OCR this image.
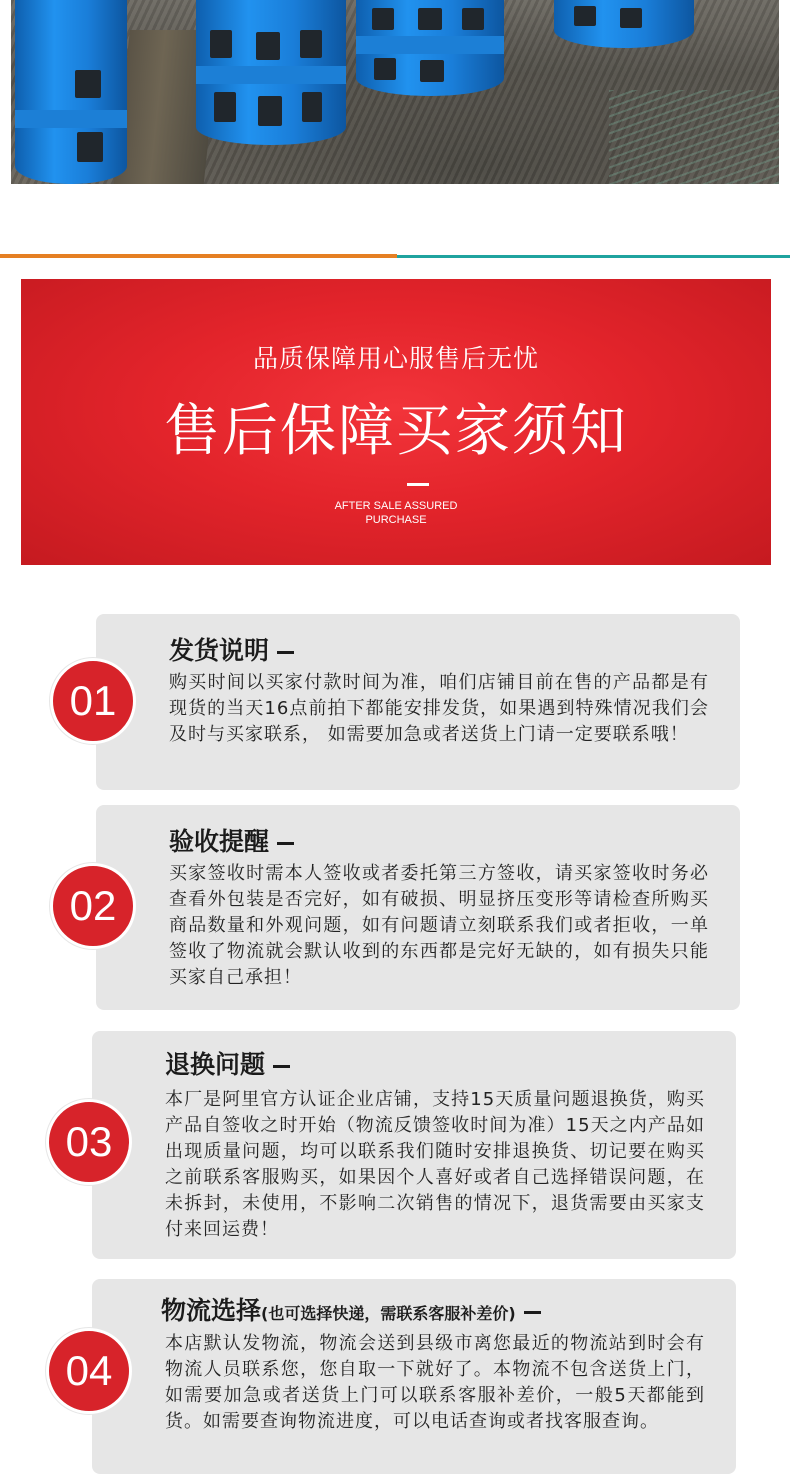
品质保障用心服售后无忧
售后保障买家须知
AFTER SALE ASSURED
PURCHASE
发货说明
购买时间以买家付款时间为准，咱们店铺目前在售的产品都是有现货的当天16点前拍下都能安排发货，如果遇到特殊情况我们会及时与买家联系， 如需要加急或者送货上门请一定要联系哦！
01
验收提醒
买家签收时需本人签收或者委托第三方签收，请买家签收时务必查看外包装是否完好，如有破损、明显挤压变形等请检查所购买商品数量和外观问题，如有问题请立刻联系我们或者拒收，一单签收了物流就会默认收到的东西都是完好无缺的，如有损失只能买家自己承担！
02
退换问题
本厂是阿里官方认证企业店铺，支持15天质量问题退换货，购买产品自签收之时开始（物流反馈签收时间为准）15天之内产品如出现质量问题，均可以联系我们随时安排退换货、切记要在购买之前联系客服购买，如果因个人喜好或者自己选择错误问题，在未拆封，未使用，不影响二次销售的情况下，退货需要由买家支付来回运费！
03
物流选择(也可选择快递，需联系客服补差价)
本店默认发物流，物流会送到县级市离您最近的物流站到时会有物流人员联系您，您自取一下就好了。本物流不包含送货上门，如需要加急或者送货上门可以联系客服补差价，一般5天都能到货。如需要查询物流进度，可以电话查询或者找客服查询。
04
